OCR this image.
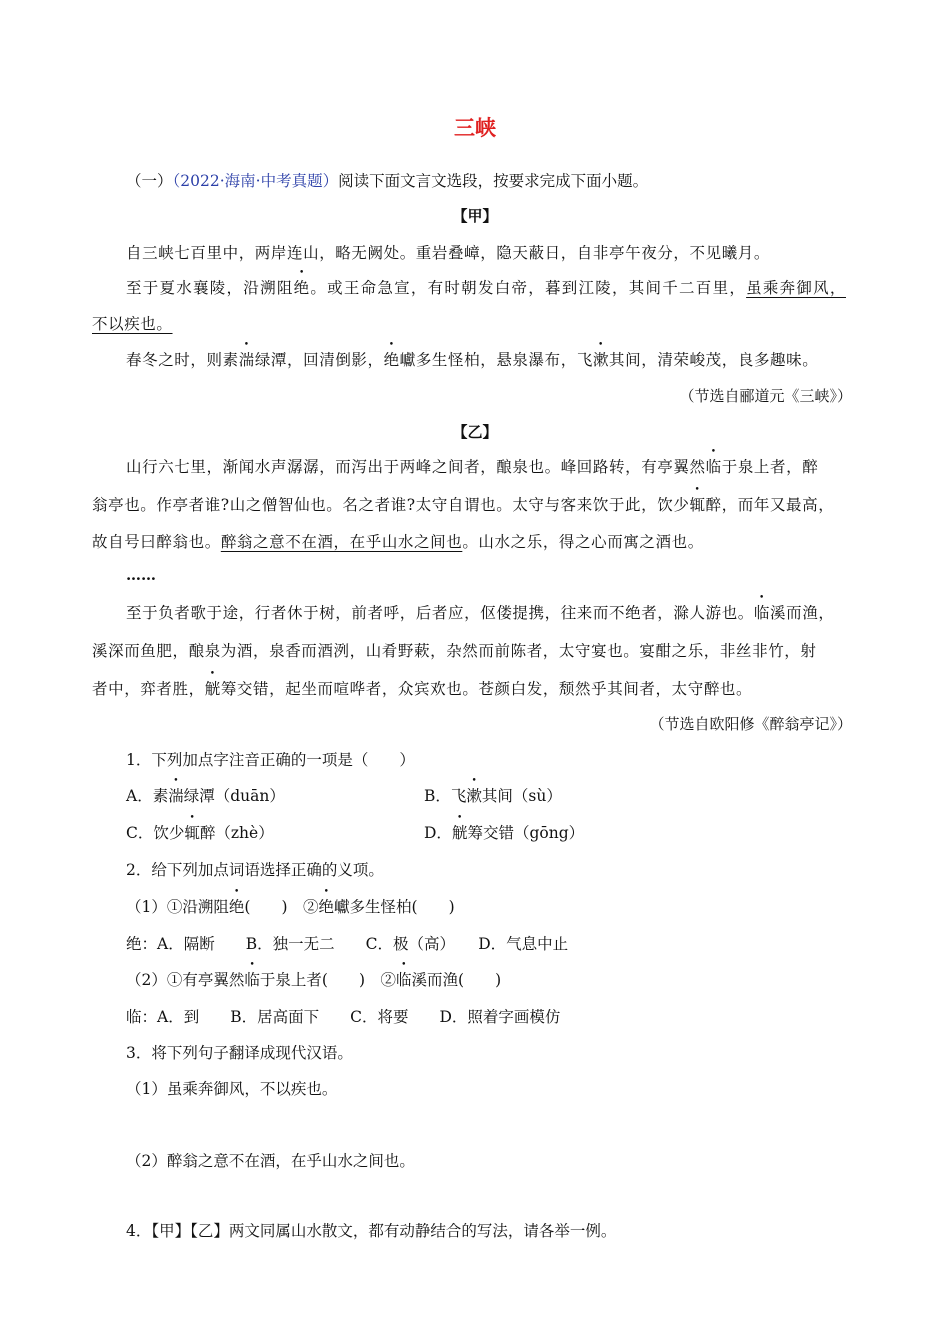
三峡
（一）（2022·海南·中考真题）阅读下面文言文选段，按要求完成下面小题。
【甲】
自三峡七百里中，两岸连山，略无阙处。重岩叠嶂，隐天蔽日，自非亭午夜分，不见曦月。
至于夏水襄陵，沿溯阻绝。或王命急宣，有时朝发白帝，暮到江陵，其间千二百里，虽乘奔御风，
不以疾也。
春冬之时，则素湍绿潭，回清倒影，绝巘多生怪柏，悬泉瀑布，飞漱其间，清荣峻茂，良多趣味。
（节选自郦道元《三峡》）
【乙】
山行六七里，渐闻水声潺潺，而泻出于两峰之间者，酿泉也。峰回路转，有亭翼然临于泉上者，醉
翁亭也。作亭者谁?山之僧智仙也。名之者谁?太守自谓也。太守与客来饮于此，饮少辄醉，而年又最高，
故自号曰醉翁也。醉翁之意不在酒，在乎山水之间也。山水之乐，得之心而寓之酒也。
……
至于负者歌于途，行者休于树，前者呼，后者应，伛偻提携，往来而不绝者，滁人游也。临溪而渔，
溪深而鱼肥，酿泉为酒，泉香而酒洌，山肴野蔌，杂然而前陈者，太守宴也。宴酣之乐，非丝非竹，射
者中，弈者胜，觥筹交错，起坐而喧哗者，众宾欢也。苍颜白发，颓然乎其间者，太守醉也。
（节选自欧阳修《醉翁亭记》）
1．下列加点字注音正确的一项是（　　）
A．素湍绿潭（duān）	B．飞漱其间（sù）
C．饮少辄醉（zhè）	D．觥筹交错（gōng）
2．给下列加点词语选择正确的义项。
（1）①沿溯阻绝(　　)　②绝巘多生怪柏(　　)
绝：A．隔断　　B．独一无二　　C．极（高）　　D．气息中止
（2）①有亭翼然临于泉上者(　　)　②临溪而渔(　　)
临：A．到　　B．居高面下　　C．将要　　D．照着字画模仿
3．将下列句子翻译成现代汉语。
（1）虽乘奔御风，不以疾也。
（2）醉翁之意不在酒，在乎山水之间也。
4．【甲】【乙】两文同属山水散文，都有动静结合的写法，请各举一例。
